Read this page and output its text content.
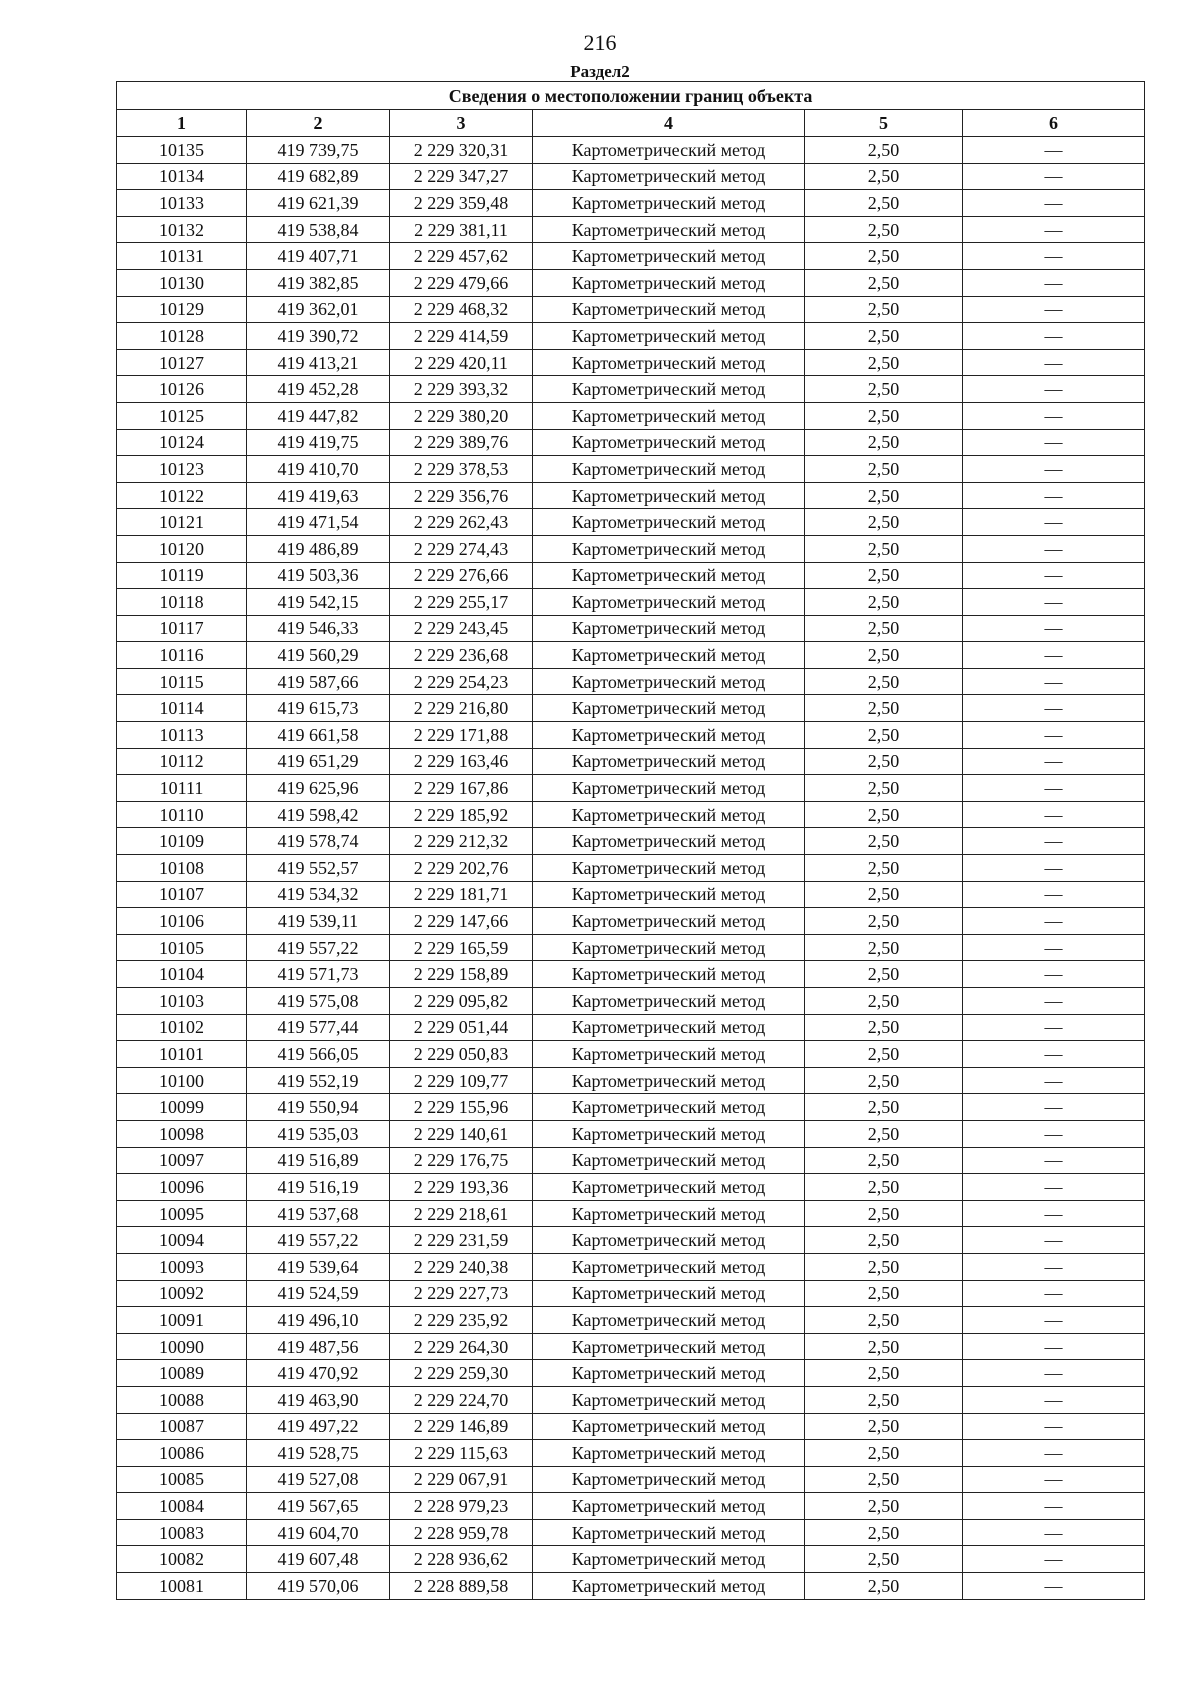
216
Раздел2
Сведения о местоположении границ объекта					
1	2	3	4	5	6
10135	419 739,75	2 229 320,31	Картометрический метод	2,50	—
10134	419 682,89	2 229 347,27	Картометрический метод	2,50	—
10133	419 621,39	2 229 359,48	Картометрический метод	2,50	—
10132	419 538,84	2 229 381,11	Картометрический метод	2,50	—
10131	419 407,71	2 229 457,62	Картометрический метод	2,50	—
10130	419 382,85	2 229 479,66	Картометрический метод	2,50	—
10129	419 362,01	2 229 468,32	Картометрический метод	2,50	—
10128	419 390,72	2 229 414,59	Картометрический метод	2,50	—
10127	419 413,21	2 229 420,11	Картометрический метод	2,50	—
10126	419 452,28	2 229 393,32	Картометрический метод	2,50	—
10125	419 447,82	2 229 380,20	Картометрический метод	2,50	—
10124	419 419,75	2 229 389,76	Картометрический метод	2,50	—
10123	419 410,70	2 229 378,53	Картометрический метод	2,50	—
10122	419 419,63	2 229 356,76	Картометрический метод	2,50	—
10121	419 471,54	2 229 262,43	Картометрический метод	2,50	—
10120	419 486,89	2 229 274,43	Картометрический метод	2,50	—
10119	419 503,36	2 229 276,66	Картометрический метод	2,50	—
10118	419 542,15	2 229 255,17	Картометрический метод	2,50	—
10117	419 546,33	2 229 243,45	Картометрический метод	2,50	—
10116	419 560,29	2 229 236,68	Картометрический метод	2,50	—
10115	419 587,66	2 229 254,23	Картометрический метод	2,50	—
10114	419 615,73	2 229 216,80	Картометрический метод	2,50	—
10113	419 661,58	2 229 171,88	Картометрический метод	2,50	—
10112	419 651,29	2 229 163,46	Картометрический метод	2,50	—
10111	419 625,96	2 229 167,86	Картометрический метод	2,50	—
10110	419 598,42	2 229 185,92	Картометрический метод	2,50	—
10109	419 578,74	2 229 212,32	Картометрический метод	2,50	—
10108	419 552,57	2 229 202,76	Картометрический метод	2,50	—
10107	419 534,32	2 229 181,71	Картометрический метод	2,50	—
10106	419 539,11	2 229 147,66	Картометрический метод	2,50	—
10105	419 557,22	2 229 165,59	Картометрический метод	2,50	—
10104	419 571,73	2 229 158,89	Картометрический метод	2,50	—
10103	419 575,08	2 229 095,82	Картометрический метод	2,50	—
10102	419 577,44	2 229 051,44	Картометрический метод	2,50	—
10101	419 566,05	2 229 050,83	Картометрический метод	2,50	—
10100	419 552,19	2 229 109,77	Картометрический метод	2,50	—
10099	419 550,94	2 229 155,96	Картометрический метод	2,50	—
10098	419 535,03	2 229 140,61	Картометрический метод	2,50	—
10097	419 516,89	2 229 176,75	Картометрический метод	2,50	—
10096	419 516,19	2 229 193,36	Картометрический метод	2,50	—
10095	419 537,68	2 229 218,61	Картометрический метод	2,50	—
10094	419 557,22	2 229 231,59	Картометрический метод	2,50	—
10093	419 539,64	2 229 240,38	Картометрический метод	2,50	—
10092	419 524,59	2 229 227,73	Картометрический метод	2,50	—
10091	419 496,10	2 229 235,92	Картометрический метод	2,50	—
10090	419 487,56	2 229 264,30	Картометрический метод	2,50	—
10089	419 470,92	2 229 259,30	Картометрический метод	2,50	—
10088	419 463,90	2 229 224,70	Картометрический метод	2,50	—
10087	419 497,22	2 229 146,89	Картометрический метод	2,50	—
10086	419 528,75	2 229 115,63	Картометрический метод	2,50	—
10085	419 527,08	2 229 067,91	Картометрический метод	2,50	—
10084	419 567,65	2 228 979,23	Картометрический метод	2,50	—
10083	419 604,70	2 228 959,78	Картометрический метод	2,50	—
10082	419 607,48	2 228 936,62	Картометрический метод	2,50	—
10081	419 570,06	2 228 889,58	Картометрический метод	2,50	—
